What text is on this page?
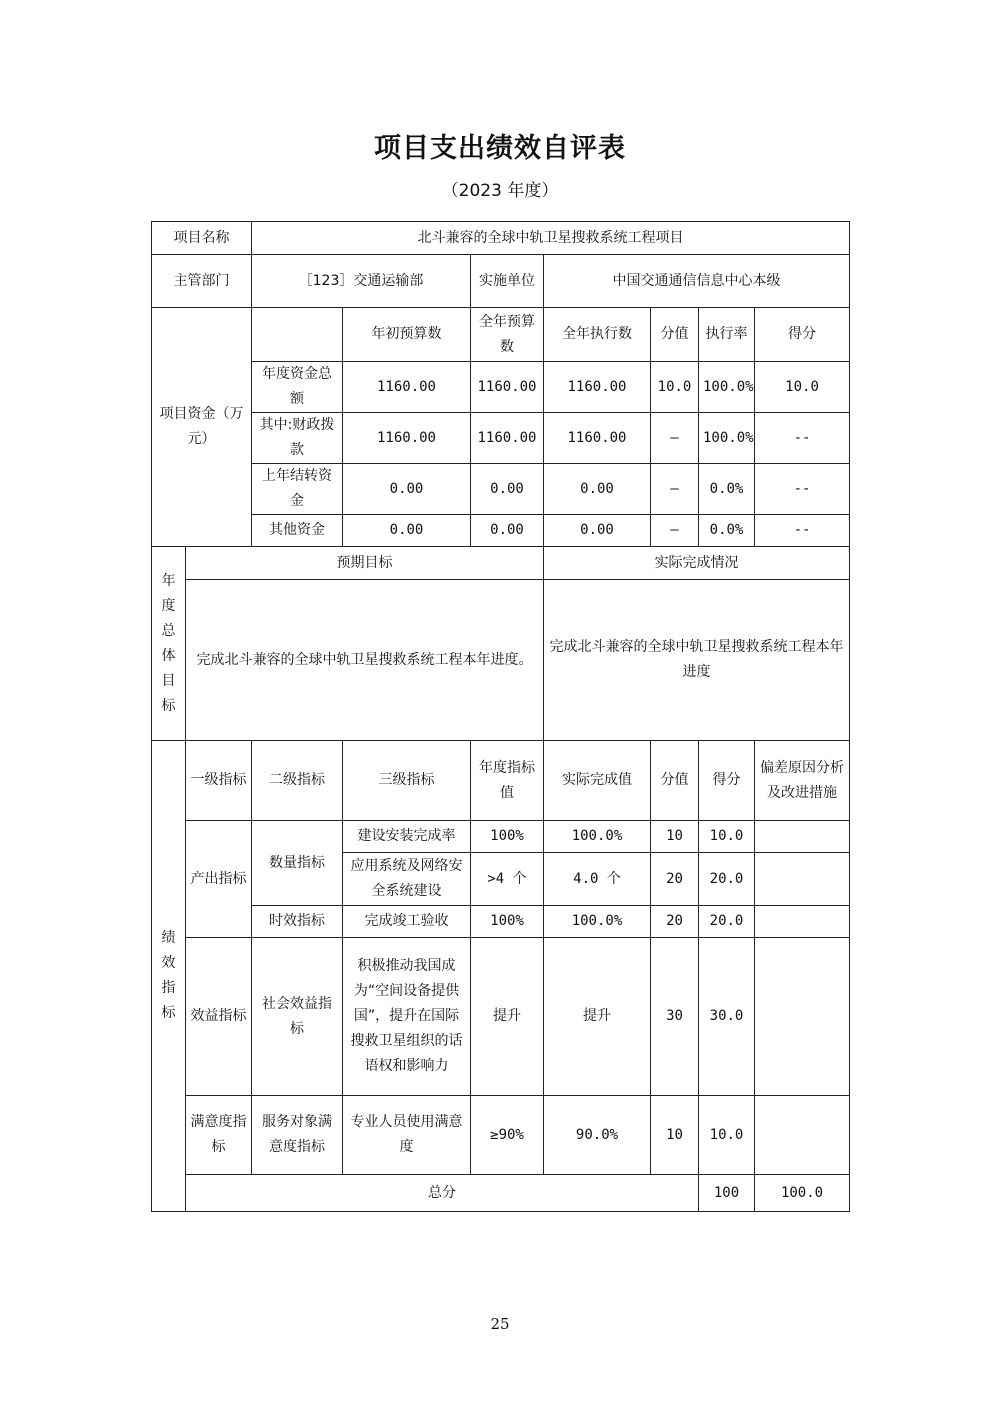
项目支出绩效自评表
（2023 年度）
项目名称		北斗兼容的全球中轨卫星搜救系统工程项目							
主管部门		［123］交通运输部		实施单位	中国交通通信信息中心本级				
项目资金（万元）			年初预算数	全年预算数	全年执行数	分值	执行率	得分	
		年度资金总额	1160.00	1160.00	1160.00	10.0	100.0%	10.0	
		其中:财政拨款	1160.00	1160.00	1160.00	—	100.0%	--	
		上年结转资金	0.00	0.00	0.00	—	0.0%	--	
		其他资金	0.00	0.00	0.00	—	0.0%	--	
年度总体目标	预期目标				实际完成情况				
	完成北斗兼容的全球中轨卫星搜救系统工程本年进度。				完成北斗兼容的全球中轨卫星搜救系统工程本年进度				
绩效指标	一级指标	二级指标	三级指标	年度指标值	实际完成值	分值	得分	偏差原因分析及改进措施	
	产出指标	数量指标	建设安装完成率	100%	100.0%	10	10.0		
			应用系统及网络安全系统建设	>4 个	4.0 个	20	20.0		
		时效指标	完成竣工验收	100%	100.0%	20	20.0		
	效益指标	社会效益指标	积极推动我国成为“空间设备提供国”，提升在国际搜救卫星组织的话语权和影响力	提升	提升	30	30.0		
	满意度指标	服务对象满意度指标	专业人员使用满意度	≥90%	90.0%	10	10.0		
	总分						100	100.0	
25
